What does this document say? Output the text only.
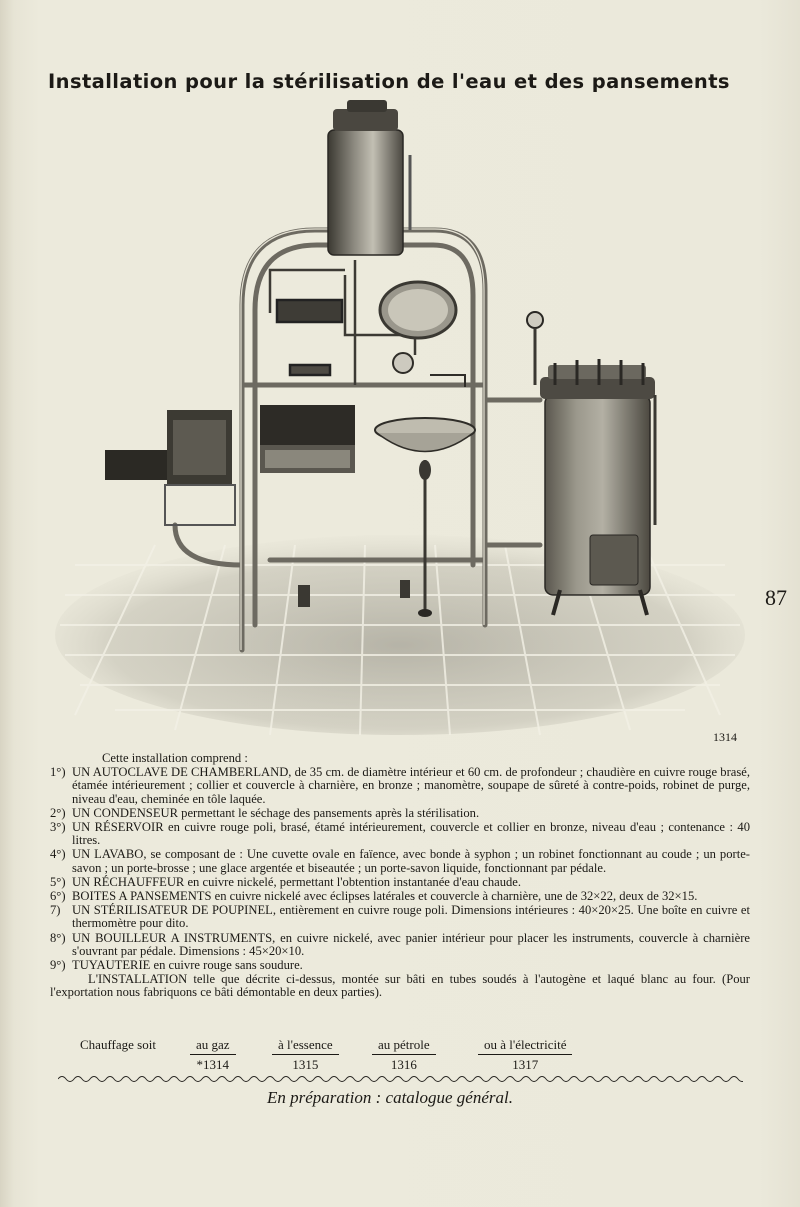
Installation pour la stérilisation de l'eau et des pansements
87
1314
Cette installation comprend :
1°) UN AUTOCLAVE DE CHAMBERLAND, de 35 cm. de diamètre intérieur et 60 cm. de profondeur ; chaudière en cuivre rouge brasé, étamée intérieurement ; collier et couvercle à charnière, en bronze ; manomètre, soupape de sûreté à contre-poids, robinet de purge, niveau d'eau, cheminée en tôle laquée.
2°) UN CONDENSEUR permettant le séchage des pansements après la stérilisation.
3°) UN RÉSERVOIR en cuivre rouge poli, brasé, étamé intérieurement, couvercle et collier en bronze, niveau d'eau ; contenance : 40 litres.
4°) UN LAVABO, se composant de : Une cuvette ovale en faïence, avec bonde à syphon ; un robinet fonctionnant au coude ; un porte-savon ; un porte-brosse ; une glace argentée et biseautée ; un porte-savon liquide, fonctionnant par pédale.
5°) UN RÉCHAUFFEUR en cuivre nickelé, permettant l'obtention instantanée d'eau chaude.
6°) BOITES A PANSEMENTS en cuivre nickelé avec éclipses latérales et couvercle à charnière, une de 32×22, deux de 32×15.
7) UN STÉRILISATEUR DE POUPINEL, entièrement en cuivre rouge poli. Dimensions intérieures : 40×20×25. Une boîte en cuivre et thermomètre pour dito.
8°) UN BOUILLEUR A INSTRUMENTS, en cuivre nickelé, avec panier intérieur pour placer les instruments, couvercle à charnière s'ouvrant par pédale. Dimensions : 45×20×10.
9°) TUYAUTERIE en cuivre rouge sans soudure.
L'INSTALLATION telle que décrite ci-dessus, montée sur bâti en tubes soudés à l'autogène et laqué blanc au four. (Pour l'exportation nous fabriquons ce bâti démontable en deux parties).
Chauffage soit	au gaz
*1314
à l'essence
1315
au pétrole
1316
ou à l'électricité
1317
En préparation : catalogue général.
